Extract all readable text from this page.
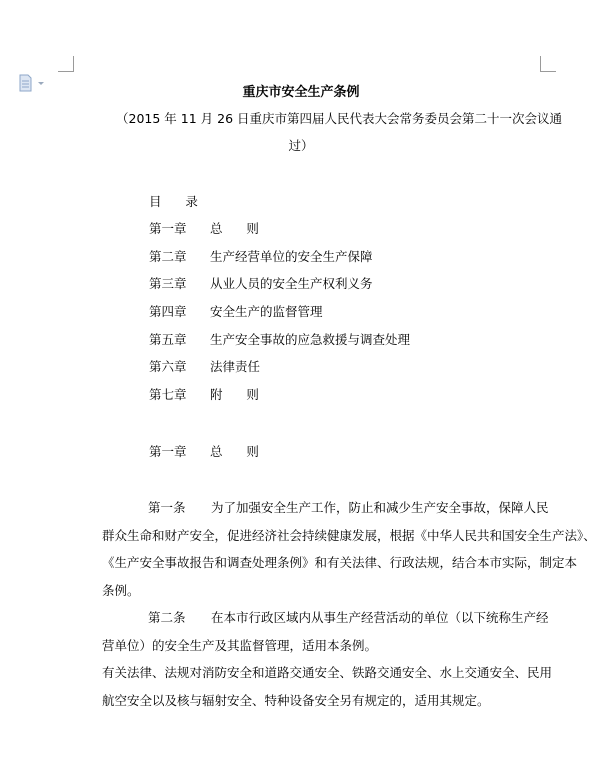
重庆市安全生产条例
（2015 年 11 月 26 日重庆市第四届人民代表大会常务委员会第二十一次会议通
过）
目      录
第一章 总      则
第二章 生产经营单位的安全生产保障
第三章 从业人员的安全生产权利义务
第四章 安全生产的监督管理
第五章 生产安全事故的应急救援与调查处理
第六章 法律责任
第七章 附      则
第一章 总      则
第一条 为了加强安全生产工作，防止和减少生产安全事故，保障人民
群众生命和财产安全，促进经济社会持续健康发展，根据《中华人民共和国安全生产法》、
《生产安全事故报告和调查处理条例》和有关法律、行政法规，结合本市实际，制定本
条例。
第二条 在本市行政区域内从事生产经营活动的单位（以下统称生产经
营单位）的安全生产及其监督管理，适用本条例。
有关法律、法规对消防安全和道路交通安全、铁路交通安全、水上交通安全、民用
航空安全以及核与辐射安全、特种设备安全另有规定的，适用其规定。
